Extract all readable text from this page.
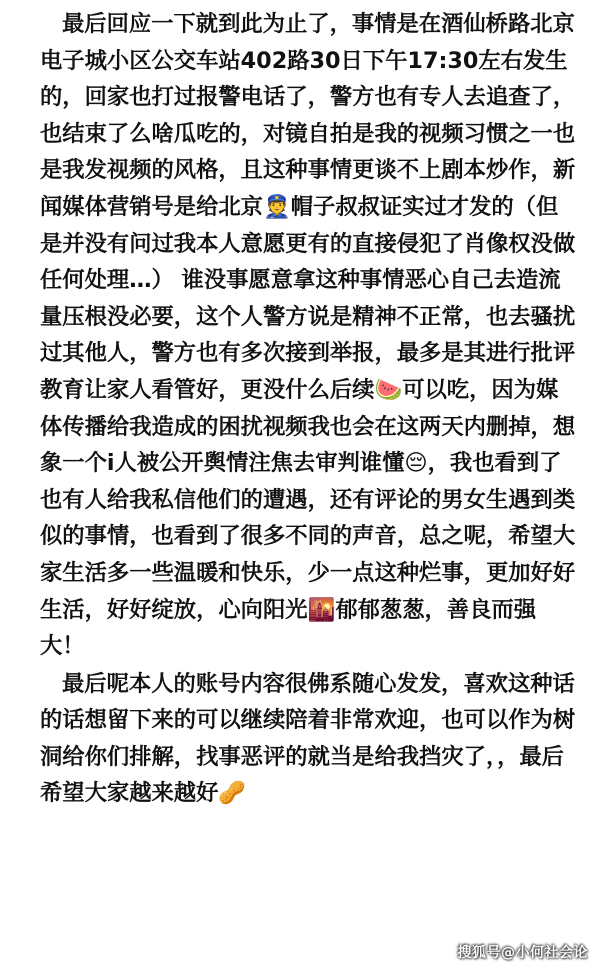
最后回应一下就到此为止了，事情是在酒仙桥路北京电子城小区公交车站402路30日下午17:30左右发生的，回家也打过报警电话了，警方也有专人去追查了，也结束了么啥瓜吃的，对镜自拍是我的视频习惯之一也是我发视频的风格，且这种事情更谈不上剧本炒作，新闻媒体营销号是给北京👮帽子叔叔证实过才发的（但是并没有问过我本人意愿更有的直接侵犯了肖像权没做任何处理…） 谁没事愿意拿这种事情恶心自己去造流量压根没必要，这个人警方说是精神不正常，也去骚扰过其他人，警方也有多次接到举报，最多是其进行批评教育让家人看管好，更没什么后续🍉可以吃，因为媒体传播给我造成的困扰视频我也会在这两天内删掉，想象一个i人被公开舆情注焦去审判谁懂😔，我也看到了也有人给我私信他们的遭遇，还有评论的男女生遇到类似的事情，也看到了很多不同的声音，总之呢，希望大家生活多一些温暖和快乐，少一点这种烂事，更加好好生活，好好绽放，心向阳光🌇郁郁葱葱，善良而强大！

最后呢本人的账号内容很佛系随心发发，喜欢这种话的话想留下来的可以继续陪着非常欢迎，也可以作为树洞给你们排解，找事恶评的就当是给我挡灾了，，最后希望大家越来越好🥜

搜狐号@小何社会论
